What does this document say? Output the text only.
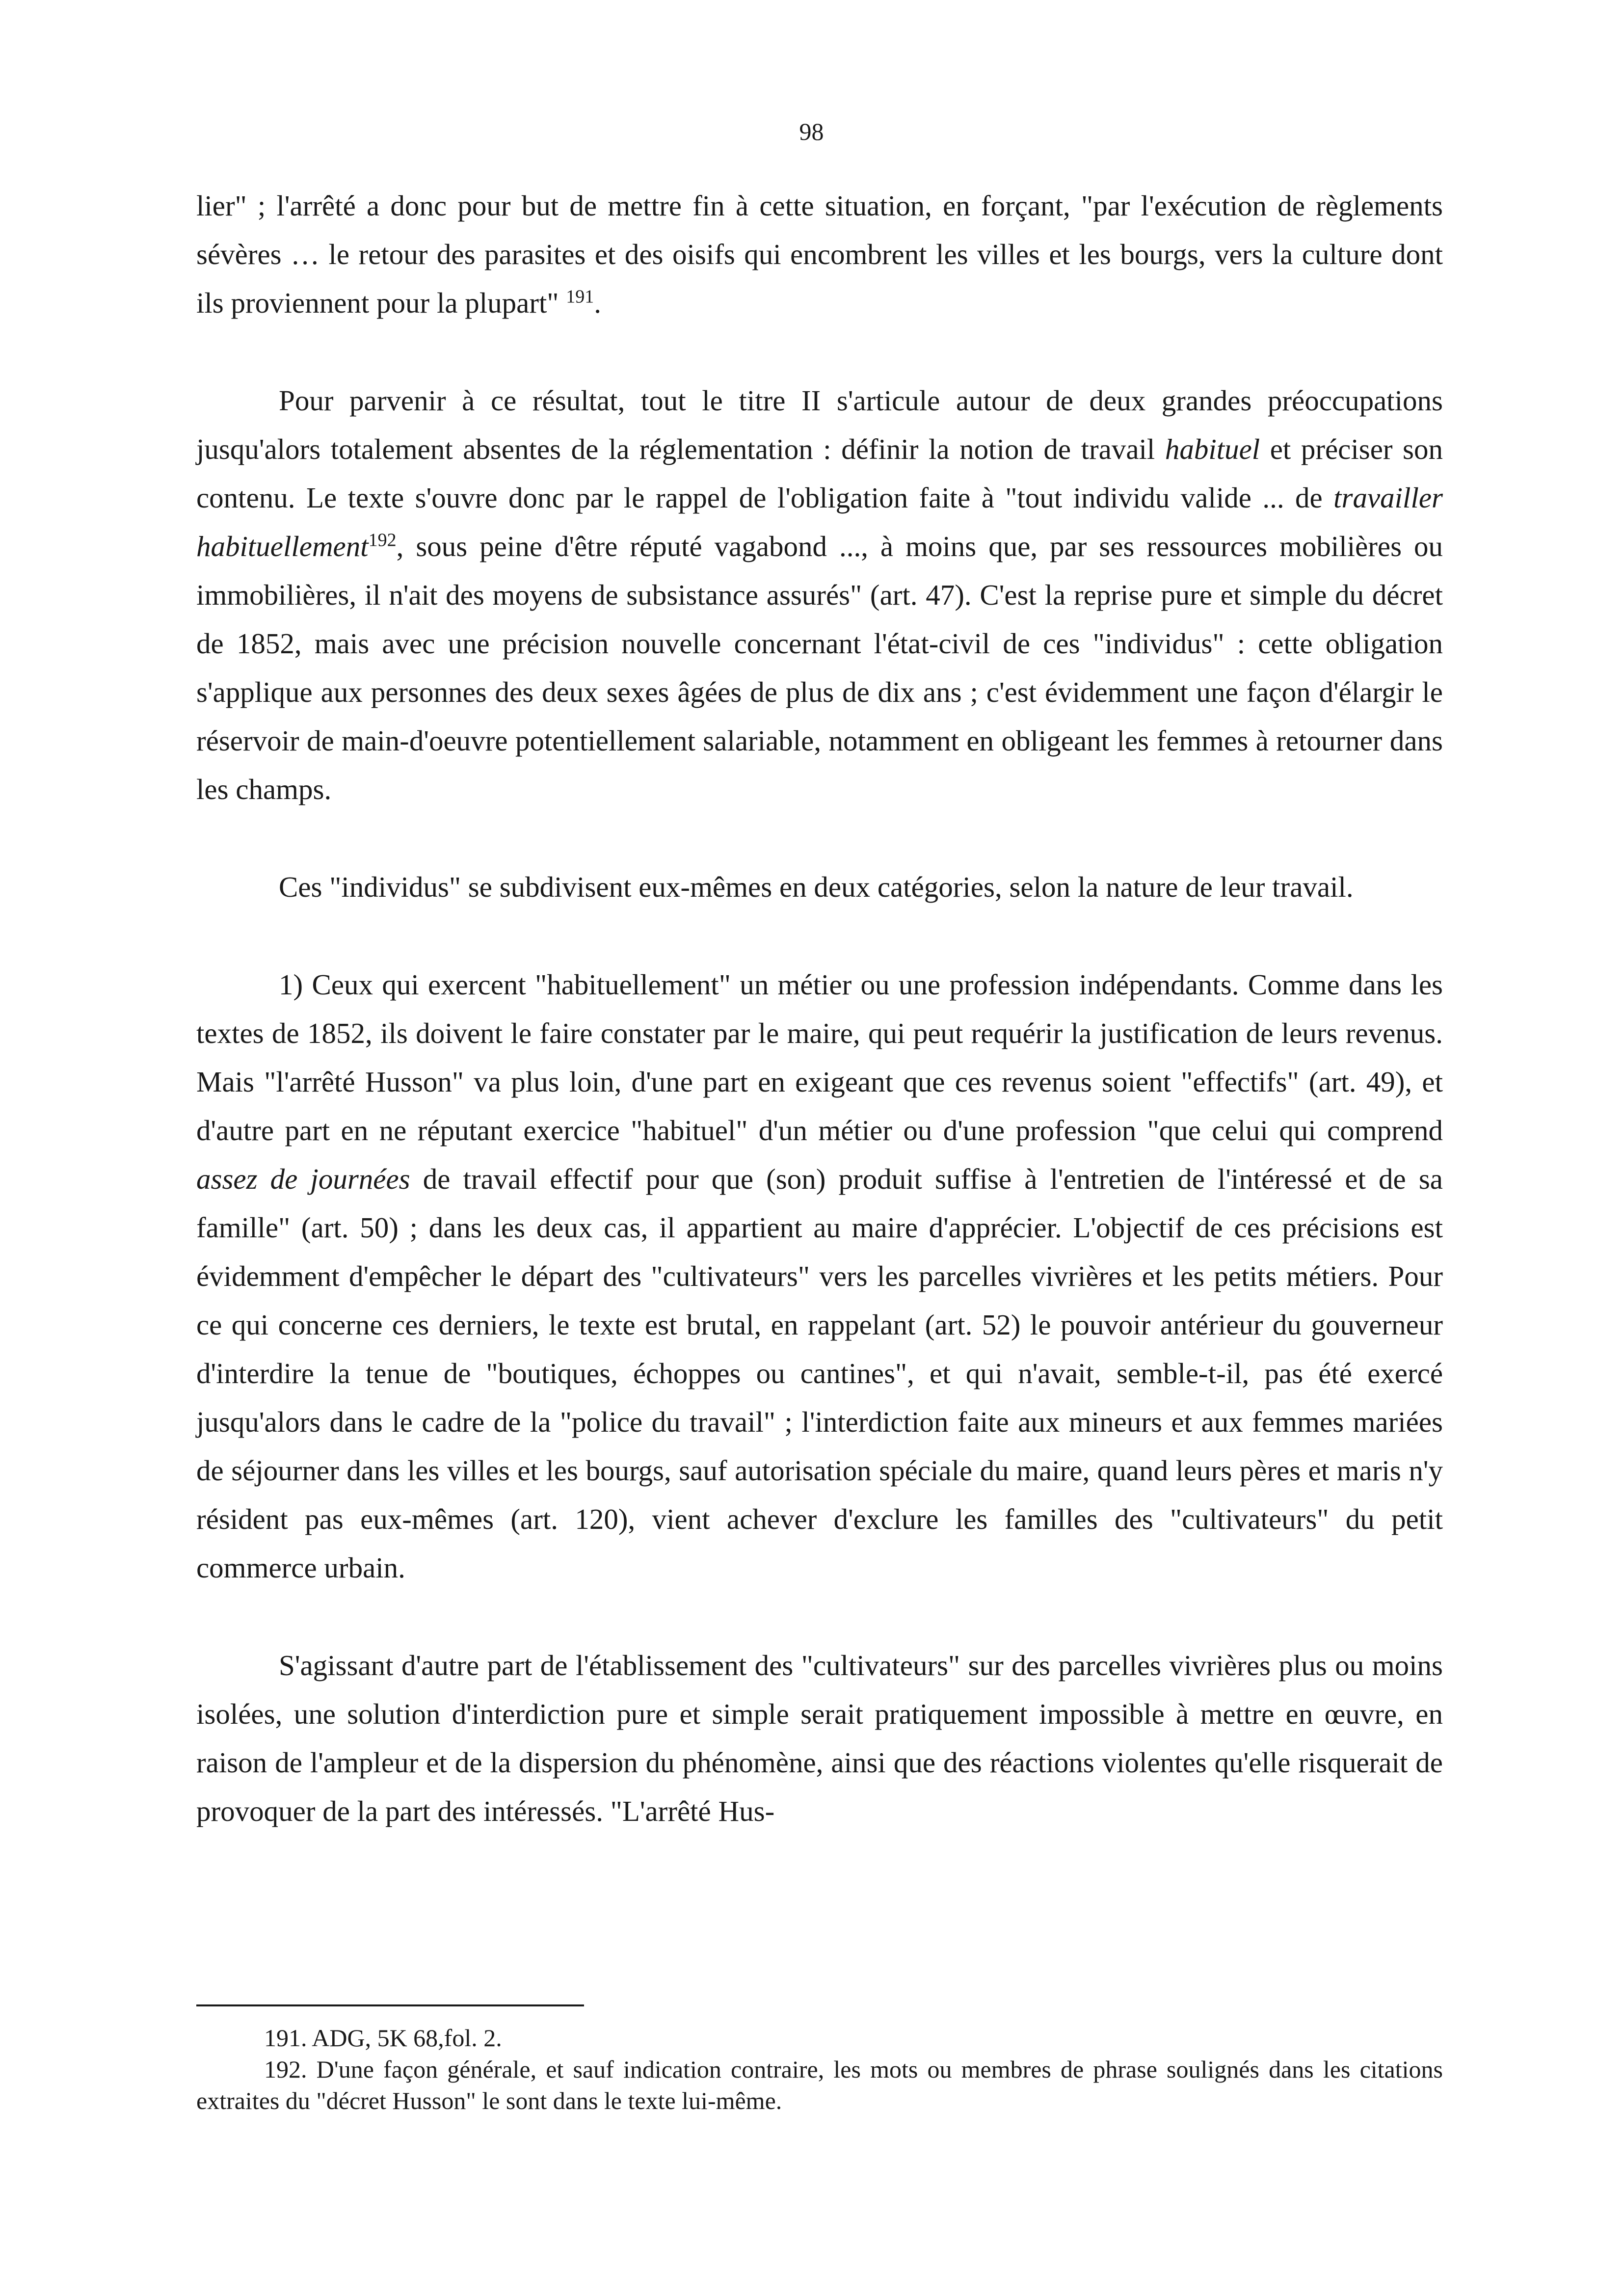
98

lier" ; l'arrêté a donc pour but de mettre fin à cette situation, en forçant, "par l'exécution de règlements sévères … le retour des parasites et des oisifs qui encombrent les villes et les bourgs, vers la culture dont ils proviennent pour la plupart" $^{191}$.

Pour parvenir à ce résultat, tout le titre II s'articule autour de deux grandes préoccupations jusqu'alors totalement absentes de la réglementation : définir la notion de travail habituel et préciser son contenu. Le texte s'ouvre donc par le rappel de l'obligation faite à "tout individu valide ... de travailler habituellement$^{192}$, sous peine d'être réputé vagabond ..., à moins que, par ses ressources mobilières ou immobilières, il n'ait des moyens de subsistance assurés" (art. 47). C'est la reprise pure et simple du décret de 1852, mais avec une précision nouvelle concernant l'état-civil de ces "individus" : cette obligation s'applique aux personnes des deux sexes âgées de plus de dix ans ; c'est évidemment une façon d'élargir le réservoir de main-d'oeuvre potentiellement salariable, notamment en obligeant les femmes à retourner dans les champs.

Ces "individus" se subdivisent eux-mêmes en deux catégories, selon la nature de leur travail.

1) Ceux qui exercent "habituellement" un métier ou une profession indépendants. Comme dans les textes de 1852, ils doivent le faire constater par le maire, qui peut requérir la justification de leurs revenus. Mais "l'arrêté Husson" va plus loin, d'une part en exigeant que ces revenus soient "effectifs" (art. 49), et d'autre part en ne réputant exercice "habituel" d'un métier ou d'une profession "que celui qui comprend assez de journées de travail effectif pour que (son) produit suffise à l'entretien de l'intéressé et de sa famille" (art. 50) ; dans les deux cas, il appartient au maire d'apprécier. L'objectif de ces précisions est évidemment d'empêcher le départ des "cultivateurs" vers les parcelles vivrières et les petits métiers. Pour ce qui concerne ces derniers, le texte est brutal, en rappelant (art. 52) le pouvoir antérieur du gouverneur d'interdire la tenue de "boutiques, échoppes ou cantines", et qui n'avait, semble-t-il, pas été exercé jusqu'alors dans le cadre de la "police du travail" ; l'interdiction faite aux mineurs et aux femmes mariées de séjourner dans les villes et les bourgs, sauf autorisation spéciale du maire, quand leurs pères et maris n'y résident pas eux-mêmes (art. 120), vient achever d'exclure les familles des "cultivateurs" du petit commerce urbain.

S'agissant d'autre part de l'établissement des "cultivateurs" sur des parcelles vivrières plus ou moins isolées, une solution d'interdiction pure et simple serait pratiquement impossible à mettre en œuvre, en raison de l'ampleur et de la dispersion du phénomène, ainsi que des réactions violentes qu'elle risquerait de provoquer de la part des intéressés. "L'arrêté Hus-

191. ADG, 5K 68,fol. 2.

192. D'une façon générale, et sauf indication contraire, les mots ou membres de phrase soulignés dans les citations extraites du "décret Husson" le sont dans le texte lui-même.
